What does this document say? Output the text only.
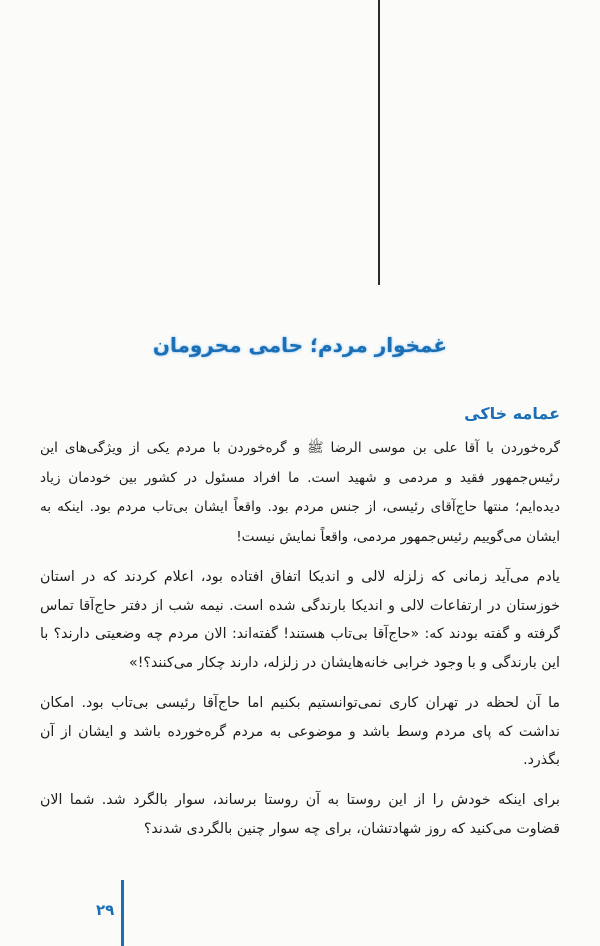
غمخوار مردم؛ حامی محرومان
عمامه خاکی

گره‌خوردن با آقا علی بن موسی الرضا ﷺ و گره‌خوردن با مردم یکی از ویژگی‌های این رئیس‌جمهور فقید و مردمی و شهید است. ما افراد مسئول در کشور بین خودمان زیاد دیده‌ایم؛ منتها حاج‌آقای رئیسی، از جنس مردم بود. واقعاً ایشان بی‌تاب مردم بود. اینکه به ایشان می‌گوییم رئیس‌جمهور مردمی، واقعاً نمایش نیست!

یادم می‌آید زمانی که زلزله لالی و اندیکا اتفاق افتاده بود، اعلام کردند که در استان خوزستان در ارتفاعات لالی و اندیکا بارندگی شده است. نیمه شب از دفتر حاج‌آقا تماس گرفته و گفته بودند که: «حاج‌آقا بی‌تاب هستند! گفته‌اند: الان مردم چه وضعیتی دارند؟ با این بارندگی و با وجود خرابی خانه‌هایشان در زلزله، دارند چکار می‌کنند؟!»

ما آن لحظه در تهران کاری نمی‌توانستیم بکنیم اما حاج‌آقا رئیسی بی‌تاب بود. امکان نداشت که پای مردم وسط باشد و موضوعی به مردم گره‌خورده باشد و ایشان از آن بگذرد.

برای اینکه خودش را از این روستا به آن روستا برساند، سوار بالگرد شد. شما الان قضاوت می‌کنید که روز شهادتشان، برای چه سوار چنین بالگردی شدند؟

۲۹
